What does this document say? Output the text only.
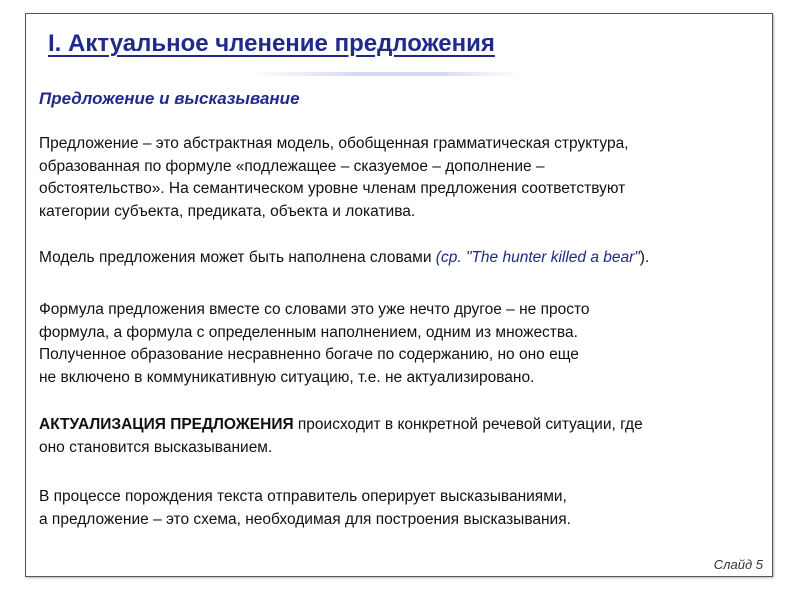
I. Актуальное членение предложения
Предложение и высказывание
Предложение – это абстрактная модель, обобщенная грамматическая структура,
образованная по формуле «подлежащее – сказуемое – дополнение –
обстоятельство». На семантическом уровне членам предложения соответствуют
категории субъекта, предиката, объекта и локатива.
Модель предложения может быть наполнена словами (ср. "The hunter killed a bear").
Формула предложения вместе со словами это уже нечто другое – не просто
формула, а формула с определенным наполнением, одним из множества.
Полученное образование несравненно богаче по содержанию, но оно еще
не включено в коммуникативную ситуацию, т.е. не актуализировано.
АКТУАЛИЗАЦИЯ ПРЕДЛОЖЕНИЯ происходит в конкретной речевой ситуации, где
оно становится высказыванием.
В процессе порождения текста отправитель оперирует высказываниями,
а предложение – это схема, необходимая для построения высказывания.
Слайд 5
